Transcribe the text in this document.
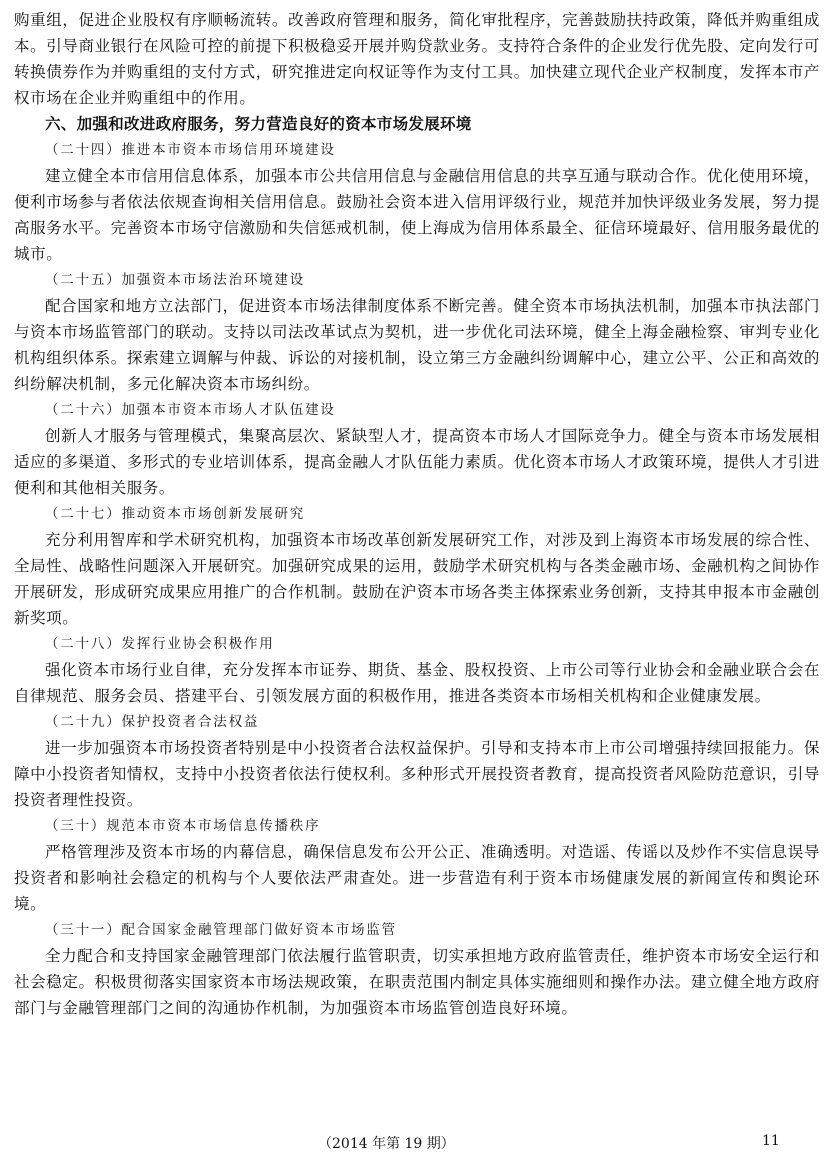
购重组，促进企业股权有序顺畅流转。改善政府管理和服务，简化审批程序，完善鼓励扶持政策，降低并购重组成本。引导商业银行在风险可控的前提下积极稳妥开展并购贷款业务。支持符合条件的企业发行优先股、定向发行可转换债券作为并购重组的支付方式，研究推进定向权证等作为支付工具。加快建立现代企业产权制度，发挥本市产权市场在企业并购重组中的作用。

六、加强和改进政府服务，努力营造良好的资本市场发展环境

（二十四）推进本市资本市场信用环境建设

建立健全本市信用信息体系，加强本市公共信用信息与金融信用信息的共享互通与联动合作。优化使用环境，便利市场参与者依法依规查询相关信用信息。鼓励社会资本进入信用评级行业，规范并加快评级业务发展，努力提高服务水平。完善资本市场守信激励和失信惩戒机制，使上海成为信用体系最全、征信环境最好、信用服务最优的城市。

（二十五）加强资本市场法治环境建设

配合国家和地方立法部门，促进资本市场法律制度体系不断完善。健全资本市场执法机制，加强本市执法部门与资本市场监管部门的联动。支持以司法改革试点为契机，进一步优化司法环境，健全上海金融检察、审判专业化机构组织体系。探索建立调解与仲裁、诉讼的对接机制，设立第三方金融纠纷调解中心，建立公平、公正和高效的纠纷解决机制，多元化解决资本市场纠纷。

（二十六）加强本市资本市场人才队伍建设

创新人才服务与管理模式，集聚高层次、紧缺型人才，提高资本市场人才国际竞争力。健全与资本市场发展相适应的多渠道、多形式的专业培训体系，提高金融人才队伍能力素质。优化资本市场人才政策环境，提供人才引进便利和其他相关服务。

（二十七）推动资本市场创新发展研究

充分利用智库和学术研究机构，加强资本市场改革创新发展研究工作，对涉及到上海资本市场发展的综合性、全局性、战略性问题深入开展研究。加强研究成果的运用，鼓励学术研究机构与各类金融市场、金融机构之间协作开展研发，形成研究成果应用推广的合作机制。鼓励在沪资本市场各类主体探索业务创新，支持其申报本市金融创新奖项。

（二十八）发挥行业协会积极作用

强化资本市场行业自律，充分发挥本市证券、期货、基金、股权投资、上市公司等行业协会和金融业联合会在自律规范、服务会员、搭建平台、引领发展方面的积极作用，推进各类资本市场相关机构和企业健康发展。

（二十九）保护投资者合法权益

进一步加强资本市场投资者特别是中小投资者合法权益保护。引导和支持本市上市公司增强持续回报能力。保障中小投资者知情权，支持中小投资者依法行使权利。多种形式开展投资者教育，提高投资者风险防范意识，引导投资者理性投资。

（三十）规范本市资本市场信息传播秩序

严格管理涉及资本市场的内幕信息，确保信息发布公开公正、准确透明。对造谣、传谣以及炒作不实信息误导投资者和影响社会稳定的机构与个人要依法严肃查处。进一步营造有利于资本市场健康发展的新闻宣传和舆论环境。

（三十一）配合国家金融管理部门做好资本市场监管

全力配合和支持国家金融管理部门依法履行监管职责，切实承担地方政府监管责任，维护资本市场安全运行和社会稳定。积极贯彻落实国家资本市场法规政策，在职责范围内制定具体实施细则和操作办法。建立健全地方政府部门与金融管理部门之间的沟通协作机制，为加强资本市场监管创造良好环境。

（2014 年第 19 期）	11
